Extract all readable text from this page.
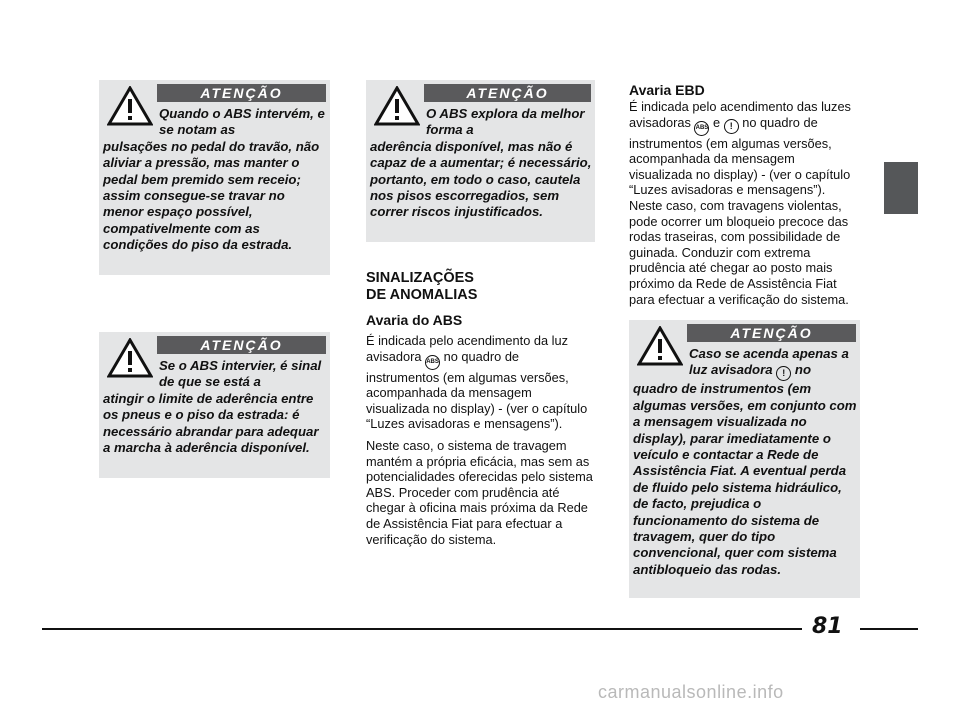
ATENÇÃO

Quando o ABS intervém, e se notam as
pulsações no pedal do travão, não aliviar a pressão, mas manter o pedal bem premido sem receio; assim consegue-se travar no menor espaço possível, compativelmente com as condições do piso da estrada.

ATENÇÃO

Se o ABS intervier, é sinal de que se está a
atingir o limite de aderência entre os pneus e o piso da estrada: é necessário abrandar para adequar a marcha à aderência disponível.

ATENÇÃO

O ABS explora da melhor forma a
aderência disponível, mas não é capaz de a aumentar; é necessário, portanto, em todo o caso, cautela nos pisos escorregadios, sem correr riscos injustificados.

SINALIZAÇÕES
DE ANOMALIAS
Avaria do ABS

É indicada pelo acendimento da luz avisadora ABS no quadro de instrumentos (em algumas versões, acompanhada da mensagem visualizada no display) - (ver o capítulo “Luzes avisadoras e mensagens”).

Neste caso, o sistema de travagem mantém a própria eficácia, mas sem as potencialidades oferecidas pelo sistema ABS. Proceder com prudência até chegar à oficina mais próxima da Rede de Assistência Fiat para efectuar a verificação do sistema.

Avaria EBD

É indicada pelo acendimento das luzes avisadoras ABS e ! no quadro de instrumentos (em algumas versões, acompanhada da mensagem visualizada no display) - (ver o capítulo “Luzes avisadoras e mensagens”).

Neste caso, com travagens violentas, pode ocorrer um bloqueio precoce das rodas traseiras, com possibilidade de guinada. Conduzir com extrema prudência até chegar ao posto mais próximo da Rede de Assistência Fiat para efectuar a verificação do sistema.

ATENÇÃO

Caso se acenda apenas a luz avisadora ! no
quadro de instrumentos (em algumas versões, em conjunto com a mensagem visualizada no display), parar imediatamente o veículo e contactar a Rede de Assistência Fiat. A eventual perda de fluido pelo sistema hidráulico, de facto, prejudica o funcionamento do sistema de travagem, quer do tipo convencional, quer com sistema antibloqueio das rodas.

81
carmanualsonline.info
